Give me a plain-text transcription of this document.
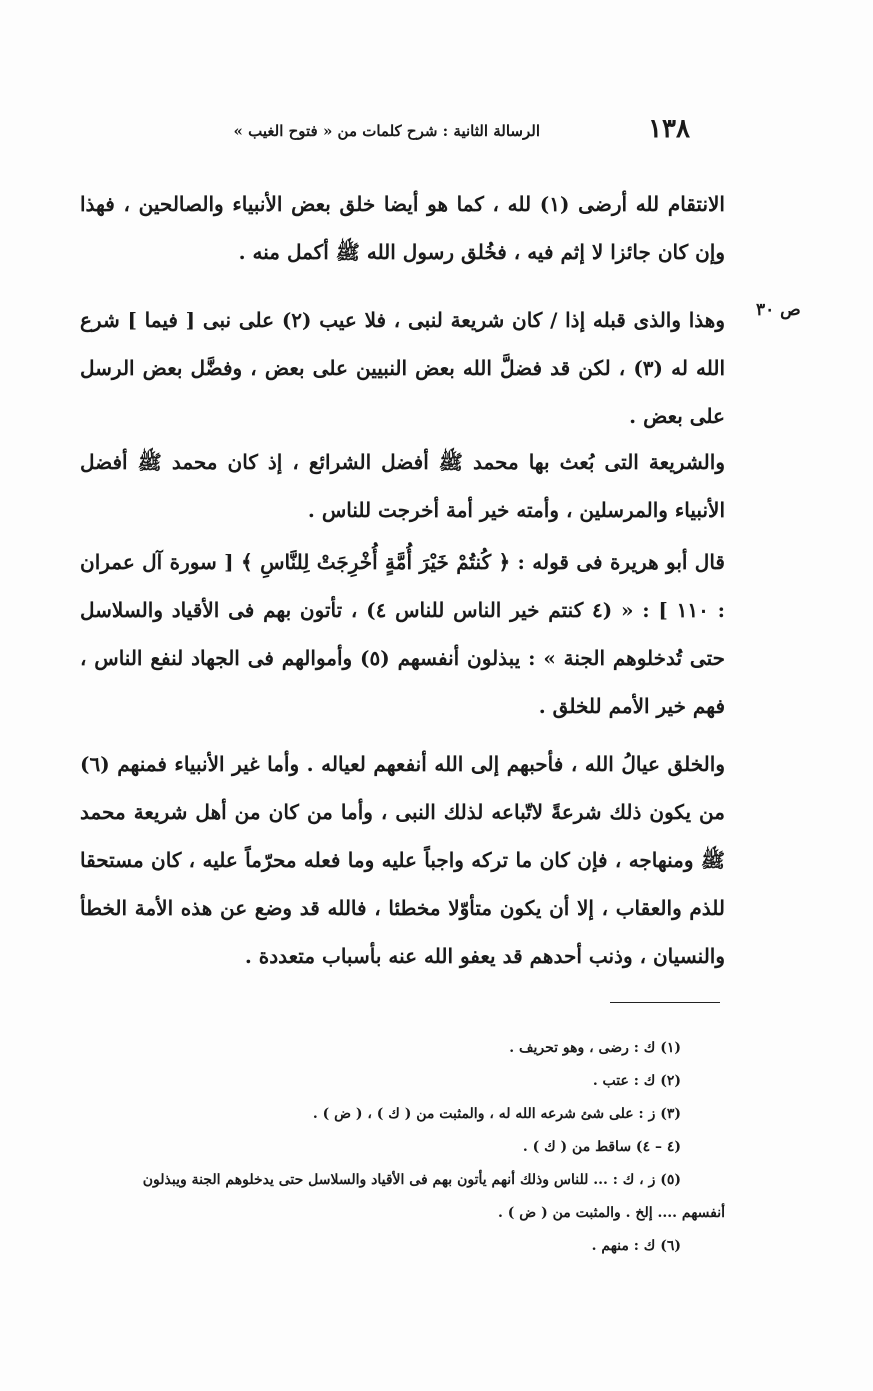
١٣٨
الرسالة الثانية : شرح كلمات من « فتوح الغيب »
ص ٣٠

الانتقام لله أرضى (١) لله ، كما هو أيضا خلق بعض الأنبياء والصالحين ، فهذا وإن كان جائزا لا إثم فيه ، فخُلق رسول الله ﷺ أكمل منه .

وهذا والذى قبله إذا / كان شريعة لنبى ، فلا عيب (٢) على نبى [ فيما ] شرع الله له (٣) ، لكن قد فضلَّ الله بعض النبيين على بعض ، وفضَّل بعض الرسل على بعض .

والشريعة التى بُعث بها محمد ﷺ أفضل الشرائع ، إذ كان محمد ﷺ أفضل الأنبياء والمرسلين ، وأمته خير أمة أخرجت للناس .

قال أبو هريرة فى قوله : ﴿ كُنتُمْ خَيْرَ أُمَّةٍ أُخْرِجَتْ لِلنَّاسِ ﴾ [ سورة آل عمران : ١١٠ ] : « (٤ كنتم خير الناس للناس ٤) ، تأتون بهم فى الأقياد والسلاسل حتى تُدخلوهم الجنة » : يبذلون أنفسهم (٥) وأموالهم فى الجهاد لنفع الناس ، فهم خير الأمم للخلق .

والخلق عيالُ الله ، فأحبهم إلى الله أنفعهم لعياله . وأما غير الأنبياء فمنهم (٦) من يكون ذلك شرعةً لاتّباعه لذلك النبى ، وأما من كان من أهل شريعة محمد ﷺ ومنهاجه ، فإن كان ما تركه واجباً عليه وما فعله محرّماً عليه ، كان مستحقا للذم والعقاب ، إلا أن يكون متأوّلا مخطئا ، فالله قد وضع عن هذه الأمة الخطأ والنسيان ، وذنب أحدهم قد يعفو الله عنه بأسباب متعددة .

(١) ك : رضى ، وهو تحريف .

(٢) ك : عتب .

(٣) ز : على شئ شرعه الله له ، والمثبت من ( ك ) ، ( ض ) .

(٤ – ٤) ساقط من ( ك ) .

(٥) ز ، ك : ... للناس وذلك أنهم يأتون بهم فى الأقياد والسلاسل حتى يدخلوهم الجنة ويبذلون

أنفسهم .... إلخ . والمثبت من ( ض ) .

(٦) ك : منهم .
